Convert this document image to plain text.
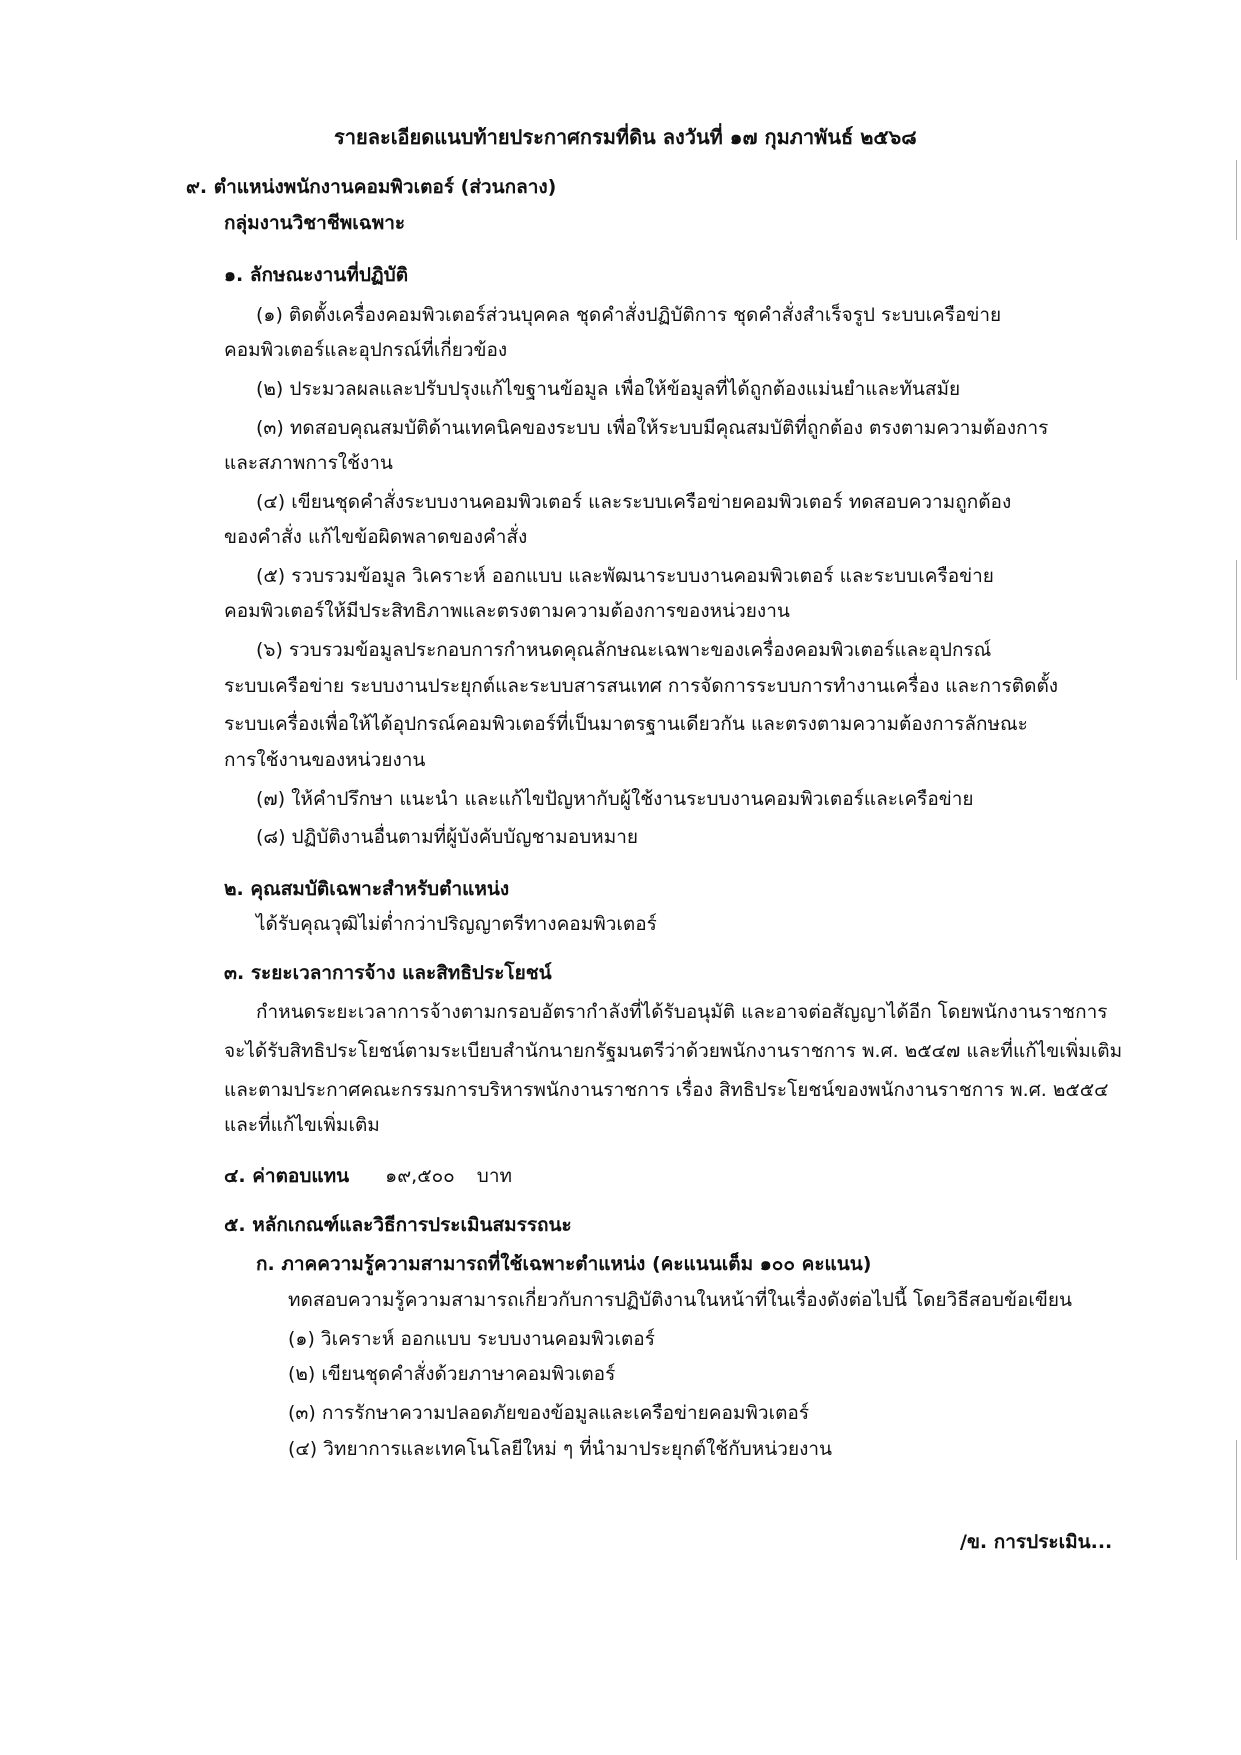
รายละเอียดแนบท้ายประกาศกรมที่ดิน ลงวันที่ ๑๗ กุมภาพันธ์ ๒๕๖๘
๙. ตำแหน่งพนักงานคอมพิวเตอร์ (ส่วนกลาง)
กลุ่มงานวิชาชีพเฉพาะ
๑. ลักษณะงานที่ปฏิบัติ
(๑) ติดตั้งเครื่องคอมพิวเตอร์ส่วนบุคคล ชุดคำสั่งปฏิบัติการ ชุดคำสั่งสำเร็จรูป ระบบเครือข่าย
คอมพิวเตอร์และอุปกรณ์ที่เกี่ยวข้อง
(๒) ประมวลผลและปรับปรุงแก้ไขฐานข้อมูล เพื่อให้ข้อมูลที่ได้ถูกต้องแม่นยำและทันสมัย
(๓) ทดสอบคุณสมบัติด้านเทคนิคของระบบ เพื่อให้ระบบมีคุณสมบัติที่ถูกต้อง ตรงตามความต้องการ
และสภาพการใช้งาน
(๔) เขียนชุดคำสั่งระบบงานคอมพิวเตอร์ และระบบเครือข่ายคอมพิวเตอร์ ทดสอบความถูกต้อง
ของคำสั่ง แก้ไขข้อผิดพลาดของคำสั่ง
(๕) รวบรวมข้อมูล วิเคราะห์ ออกแบบ และพัฒนาระบบงานคอมพิวเตอร์ และระบบเครือข่าย
คอมพิวเตอร์ให้มีประสิทธิภาพและตรงตามความต้องการของหน่วยงาน
(๖) รวบรวมข้อมูลประกอบการกำหนดคุณลักษณะเฉพาะของเครื่องคอมพิวเตอร์และอุปกรณ์
ระบบเครือข่าย ระบบงานประยุกต์และระบบสารสนเทศ การจัดการระบบการทำงานเครื่อง และการติดตั้ง
ระบบเครื่องเพื่อให้ได้อุปกรณ์คอมพิวเตอร์ที่เป็นมาตรฐานเดียวกัน และตรงตามความต้องการลักษณะ
การใช้งานของหน่วยงาน
(๗) ให้คำปรึกษา แนะนำ และแก้ไขปัญหากับผู้ใช้งานระบบงานคอมพิวเตอร์และเครือข่าย
(๘) ปฏิบัติงานอื่นตามที่ผู้บังคับบัญชามอบหมาย
๒. คุณสมบัติเฉพาะสำหรับตำแหน่ง
ได้รับคุณวุฒิไม่ต่ำกว่าปริญญาตรีทางคอมพิวเตอร์
๓. ระยะเวลาการจ้าง และสิทธิประโยชน์
กำหนดระยะเวลาการจ้างตามกรอบอัตรากำลังที่ได้รับอนุมัติ และอาจต่อสัญญาได้อีก โดยพนักงานราชการ
จะได้รับสิทธิประโยชน์ตามระเบียบสำนักนายกรัฐมนตรีว่าด้วยพนักงานราชการ พ.ศ. ๒๕๔๗ และที่แก้ไขเพิ่มเติม
และตามประกาศคณะกรรมการบริหารพนักงานราชการ เรื่อง สิทธิประโยชน์ของพนักงานราชการ พ.ศ. ๒๕๕๔
และที่แก้ไขเพิ่มเติม
๔. ค่าตอบแทน ๑๙,๕๐๐ บาท
๕. หลักเกณฑ์และวิธีการประเมินสมรรถนะ
ก. ภาคความรู้ความสามารถที่ใช้เฉพาะตำแหน่ง (คะแนนเต็ม ๑๐๐ คะแนน)
ทดสอบความรู้ความสามารถเกี่ยวกับการปฏิบัติงานในหน้าที่ในเรื่องดังต่อไปนี้ โดยวิธีสอบข้อเขียน
(๑) วิเคราะห์ ออกแบบ ระบบงานคอมพิวเตอร์
(๒) เขียนชุดคำสั่งด้วยภาษาคอมพิวเตอร์
(๓) การรักษาความปลอดภัยของข้อมูลและเครือข่ายคอมพิวเตอร์
(๔) วิทยาการและเทคโนโลยีใหม่ ๆ ที่นำมาประยุกต์ใช้กับหน่วยงาน
/ข. การประเมิน...
